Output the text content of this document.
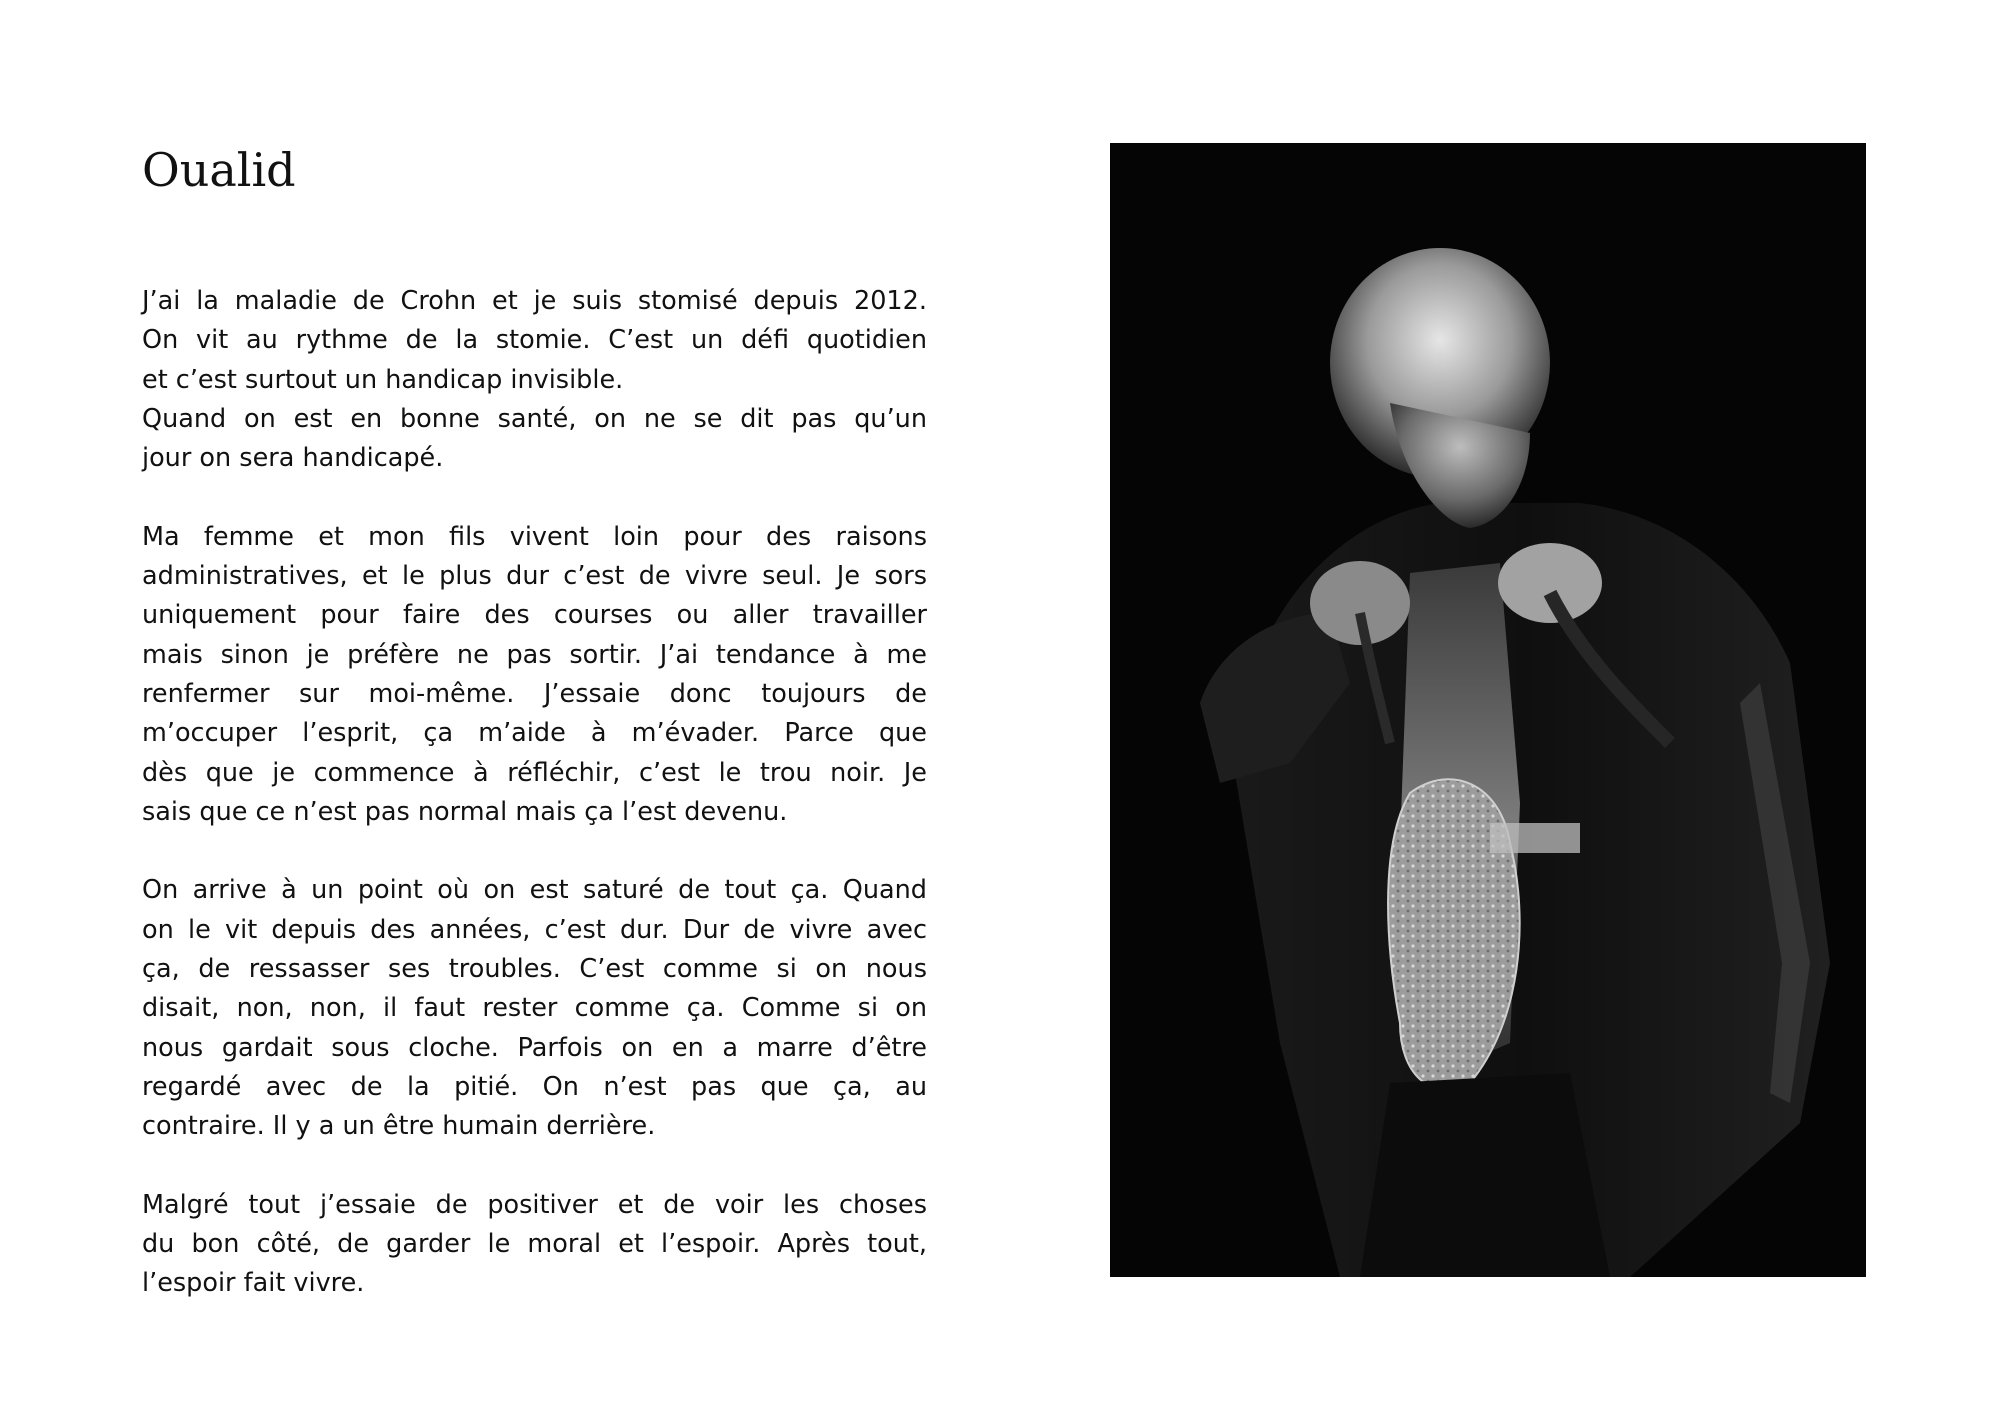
Oualid

J’ai la maladie de Crohn et je suis stomisé depuis 2012.
On vit au rythme de la stomie. C’est un défi quotidien
et c’est surtout un handicap invisible.
Quand on est en bonne santé, on ne se dit pas qu’un
jour on sera handicapé.

Ma femme et mon fils vivent loin pour des raisons
administratives, et le plus dur c’est de vivre seul. Je sors
uniquement pour faire des courses ou aller travailler
mais sinon je préfère ne pas sortir. J’ai tendance à me
renfermer sur moi-même. J’essaie donc toujours de
m’occuper l’esprit, ça m’aide à m’évader. Parce que
dès que je commence à réfléchir, c’est le trou noir. Je
sais que ce n’est pas normal mais ça l’est devenu.

On arrive à un point où on est saturé de tout ça. Quand
on le vit depuis des années, c’est dur. Dur de vivre avec
ça, de ressasser ses troubles. C’est comme si on nous
disait, non, non, il faut rester comme ça. Comme si on
nous gardait sous cloche. Parfois on en a marre d’être
regardé avec de la pitié. On n’est pas que ça, au
contraire. Il y a un être humain derrière.

Malgré tout j’essaie de positiver et de voir les choses
du bon côté, de garder le moral et l’espoir. Après tout,
l’espoir fait vivre.
